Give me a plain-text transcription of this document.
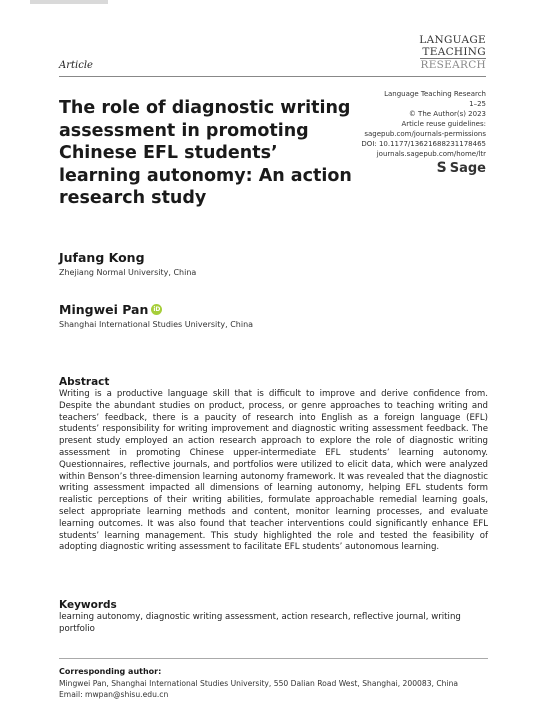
LANGUAGE
TEACHING
RESEARCH
Article
The role of diagnostic writing assessment in promoting Chinese EFL students’ learning autonomy: An action research study
Language Teaching Research
1–25
© The Author(s) 2023
Article reuse guidelines:
sagepub.com/journals-permissions
DOI: 10.1177/13621688231178465
journals.sagepub.com/home/ltr
S Sage
Jufang Kong
Zhejiang Normal University, China
Mingwei Pan iD
Shanghai International Studies University, China
Abstract
Writing is a productive language skill that is difficult to improve and derive confidence from. Despite the abundant studies on product, process, or genre approaches to teaching writing and teachers’ feedback, there is a paucity of research into English as a foreign language (EFL) students’ responsibility for writing improvement and diagnostic writing assessment feedback. The present study employed an action research approach to explore the role of diagnostic writing assessment in promoting Chinese upper-intermediate EFL students’ learning autonomy. Questionnaires, reflective journals, and portfolios were utilized to elicit data, which were analyzed within Benson’s three-dimension learning autonomy framework. It was revealed that the diagnostic writing assessment impacted all dimensions of learning autonomy, helping EFL students form realistic perceptions of their writing abilities, formulate approachable remedial learning goals, select appropriate learning methods and content, monitor learning processes, and evaluate learning outcomes. It was also found that teacher interventions could significantly enhance EFL students’ learning management. This study highlighted the role and tested the feasibility of adopting diagnostic writing assessment to facilitate EFL students’ autonomous learning.
Keywords
learning autonomy, diagnostic writing assessment, action research, reflective journal, writing portfolio
Corresponding author:
Mingwei Pan, Shanghai International Studies University, 550 Dalian Road West, Shanghai, 200083, China
Email: mwpan@shisu.edu.cn
